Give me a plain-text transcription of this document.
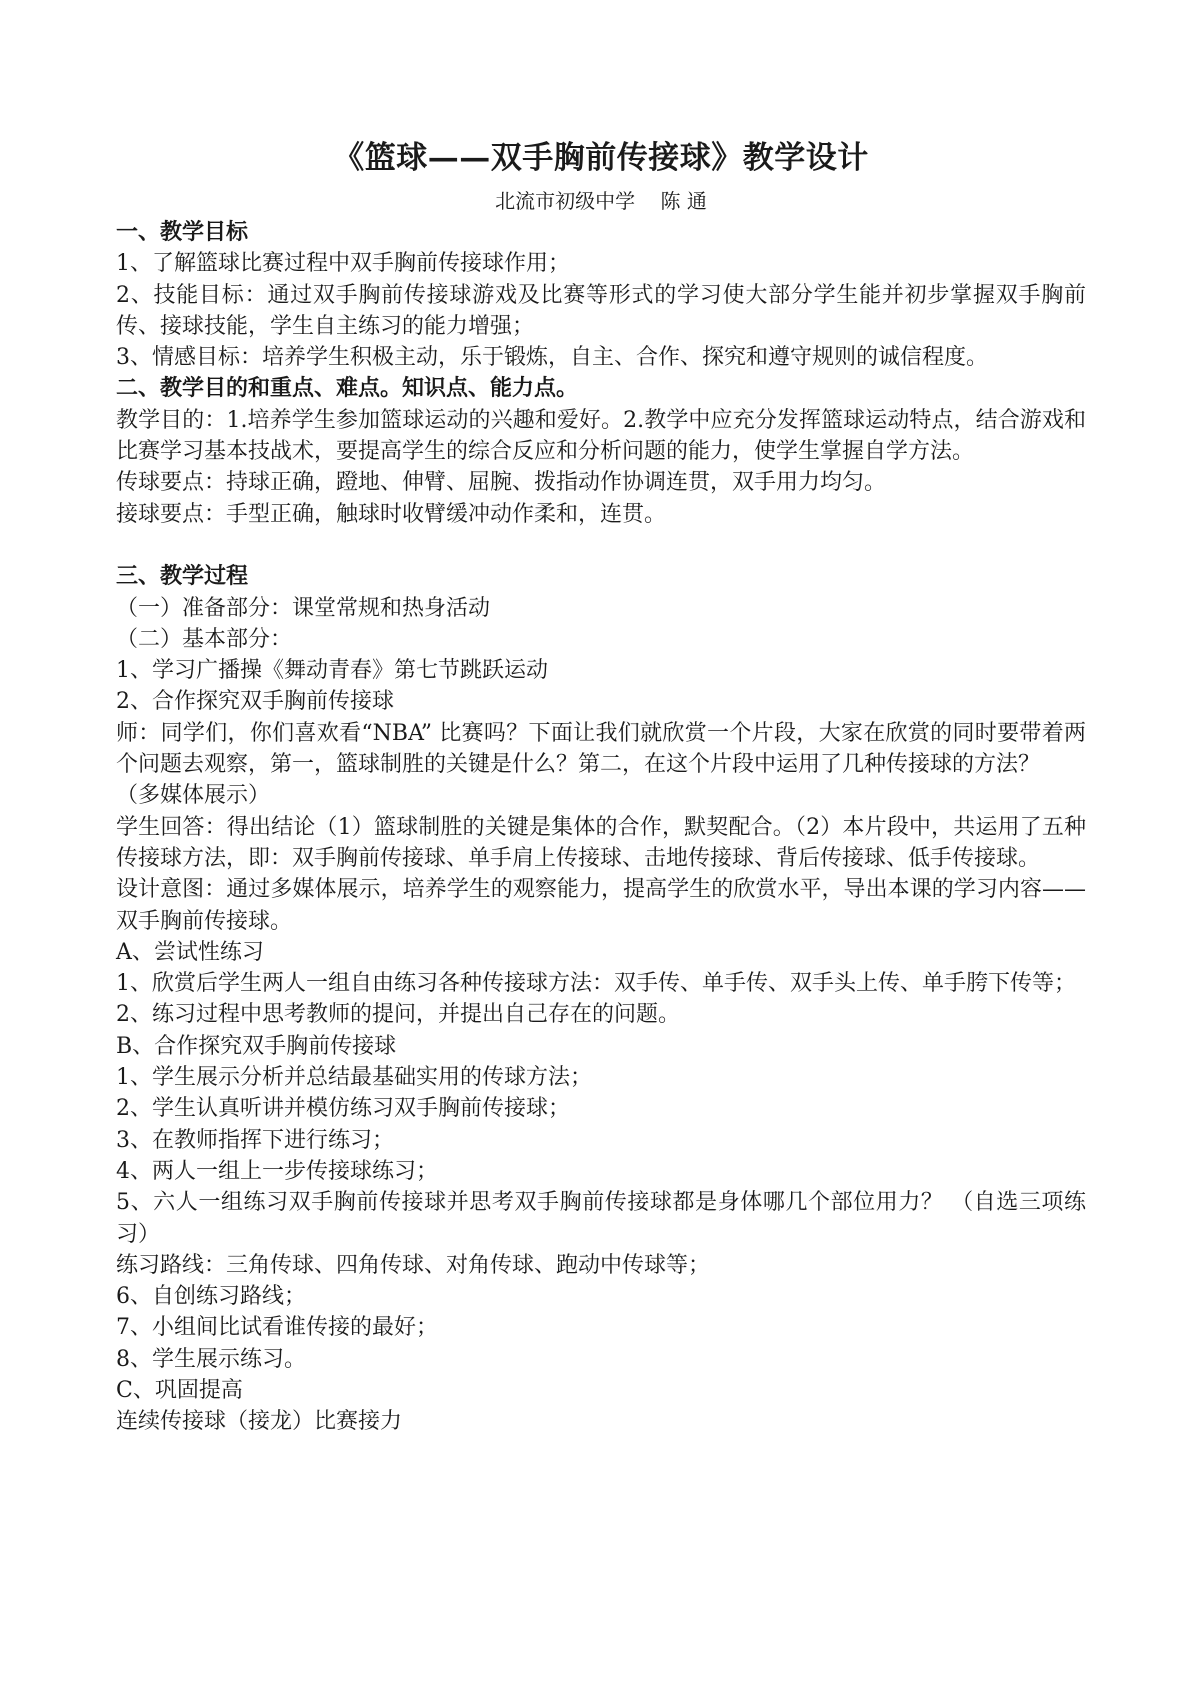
《篮球——双手胸前传接球》教学设计

北流市初级中学    陈 通

一、教学目标

1、了解篮球比赛过程中双手胸前传接球作用；

2、技能目标：通过双手胸前传接球游戏及比赛等形式的学习使大部分学生能并初步掌握双手胸前传、接球技能，学生自主练习的能力增强；

3、情感目标：培养学生积极主动，乐于锻炼，自主、合作、探究和遵守规则的诚信程度。

二、教学目的和重点、难点。知识点、能力点。

教学目的：1.培养学生参加篮球运动的兴趣和爱好。2.教学中应充分发挥篮球运动特点，结合游戏和比赛学习基本技战术，要提高学生的综合反应和分析问题的能力，使学生掌握自学方法。

传球要点：持球正确，蹬地、伸臂、屈腕、拨指动作协调连贯，双手用力均匀。

接球要点：手型正确，触球时收臂缓冲动作柔和，连贯。

三、教学过程

（一）准备部分：课堂常规和热身活动

（二）基本部分：

1、学习广播操《舞动青春》第七节跳跃运动

2、合作探究双手胸前传接球

师：同学们，你们喜欢看“NBA” 比赛吗？下面让我们就欣赏一个片段，大家在欣赏的同时要带着两个问题去观察，第一，篮球制胜的关键是什么？第二，在这个片段中运用了几种传接球的方法？

（多媒体展示）

学生回答：得出结论（1）篮球制胜的关键是集体的合作，默契配合。（2）本片段中，共运用了五种传接球方法，即：双手胸前传接球、单手肩上传接球、击地传接球、背后传接球、低手传接球。

设计意图：通过多媒体展示，培养学生的观察能力，提高学生的欣赏水平，导出本课的学习内容——双手胸前传接球。

A、尝试性练习

1、欣赏后学生两人一组自由练习各种传接球方法：双手传、单手传、双手头上传、单手胯下传等；

2、练习过程中思考教师的提问，并提出自己存在的问题。

B、合作探究双手胸前传接球

1、学生展示分析并总结最基础实用的传球方法；

2、学生认真听讲并模仿练习双手胸前传接球；

3、在教师指挥下进行练习；

4、两人一组上一步传接球练习；

5、六人一组练习双手胸前传接球并思考双手胸前传接球都是身体哪几个部位用力？ （自选三项练习）

练习路线：三角传球、四角传球、对角传球、跑动中传球等；

6、自创练习路线；

7、小组间比试看谁传接的最好；

8、学生展示练习。

C、巩固提高

连续传接球（接龙）比赛接力
